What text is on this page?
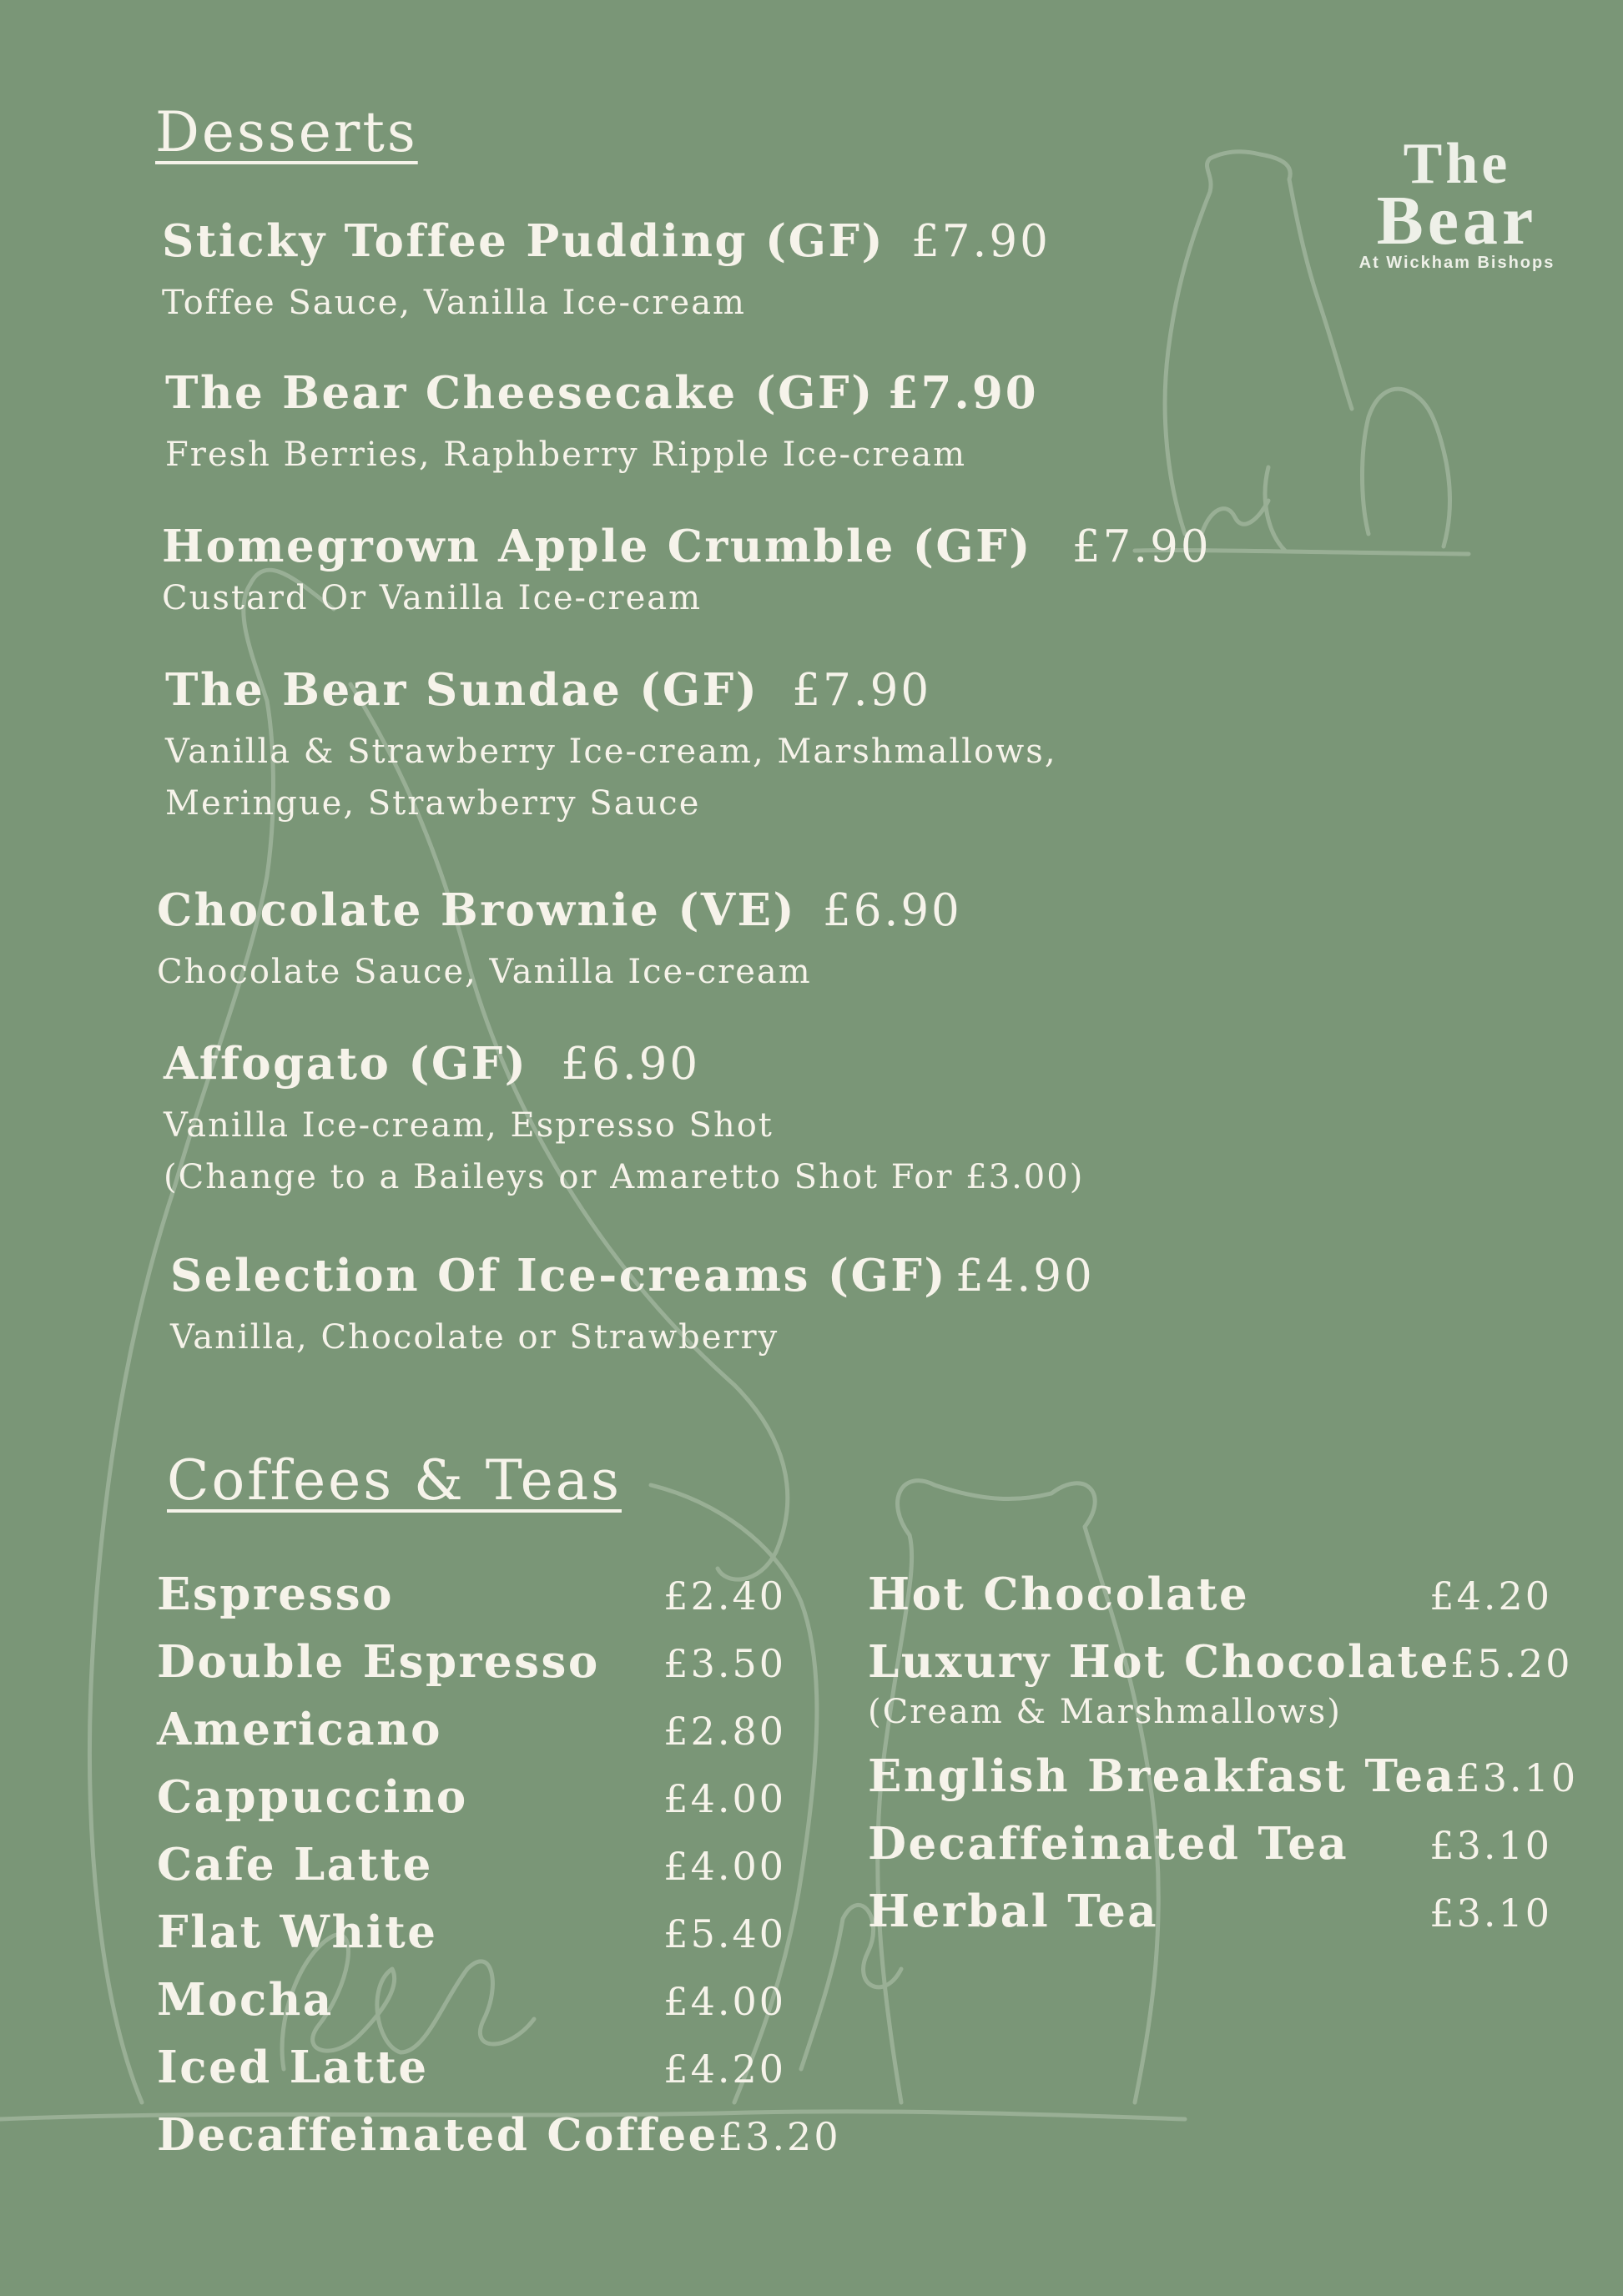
The
Bear
At Wickham Bishops
Desserts
Sticky Toffee Pudding (GF) £7.90
Toffee Sauce, Vanilla Ice-cream
The Bear Cheesecake (GF) £7.90
Fresh Berries, Raphberry Ripple Ice-cream
Homegrown Apple Crumble (GF) £7.90
Custard Or Vanilla Ice-cream
The Bear Sundae (GF) £7.90
Vanilla & Strawberry Ice-cream, Marshmallows,
Meringue, Strawberry Sauce
Chocolate Brownie (VE) £6.90
Chocolate Sauce, Vanilla Ice-cream
Affogato (GF) £6.90
Vanilla Ice-cream, Espresso Shot
(Change to a Baileys or Amaretto Shot For £3.00)
Selection Of Ice-creams (GF) £4.90
Vanilla, Chocolate or Strawberry
Coffees & Teas
Espresso	£2.40
Double Espresso £3.50
Americano	£2.80
Cappuccino	£4.00
Cafe Latte	£4.00
Flat White	£5.40
Mocha	£4.00
Iced Latte	£4.20
Decaffeinated Coffee £3.20
Hot Chocolate	£4.20
Luxury Hot Chocolate £5.20
(Cream & Marshmallows)
English Breakfast Tea £3.10
Decaffeinated Tea £3.10
Herbal Tea	£3.10
